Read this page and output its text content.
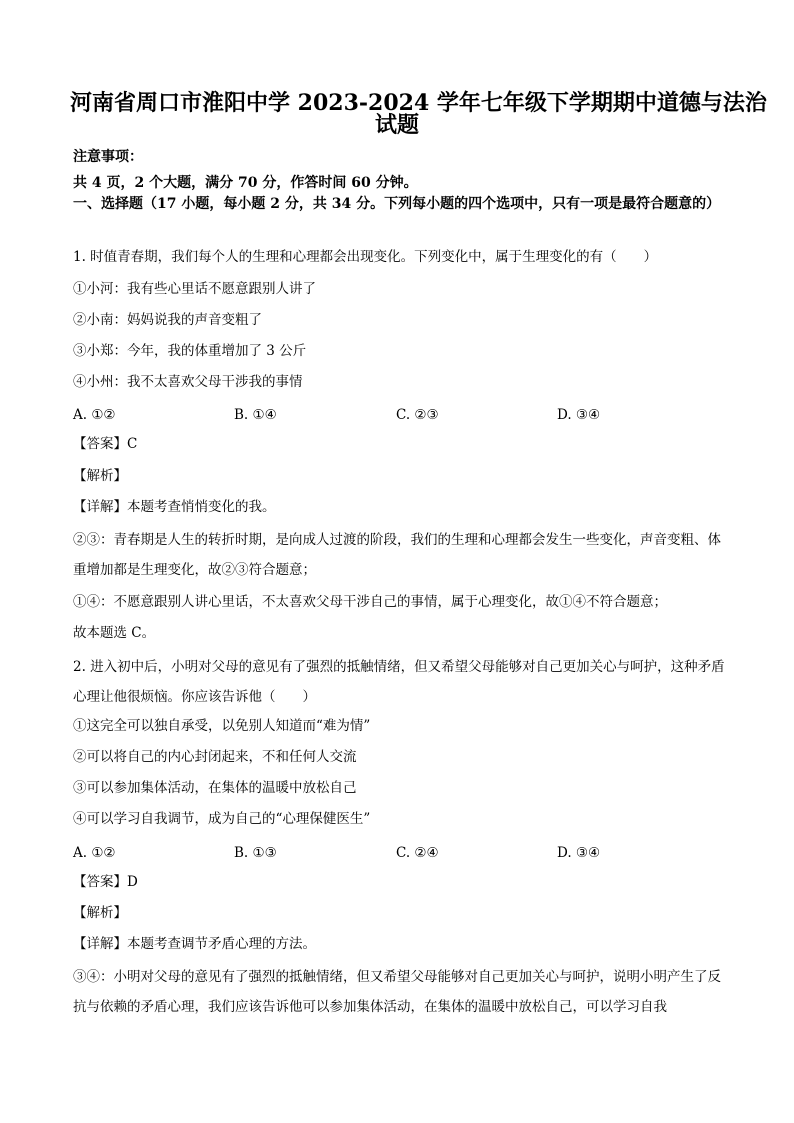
河南省周口市淮阳中学 2023-2024 学年七年级下学期期中道德与法治
试题
注意事项：
共 4 页，2 个大题，满分 70 分，作答时间 60 分钟。
一、选择题（17 小题，每小题 2 分，共 34 分。下列每小题的四个选项中，只有一项是最符合题意的）
1. 时值青春期，我们每个人的生理和心理都会出现变化。下列变化中，属于生理变化的有（　　）
①小河：我有些心里话不愿意跟别人讲了
②小南：妈妈说我的声音变粗了
③小郑：今年，我的体重增加了 3 公斤
④小州：我不太喜欢父母干涉我的事情
A. ①②	B. ①④	C. ②③	D. ③④
【答案】C
【解析】
【详解】本题考查悄悄变化的我。
②③：青春期是人生的转折时期，是向成人过渡的阶段，我们的生理和心理都会发生一些变化，声音变粗、体重增加都是生理变化，故②③符合题意；
①④：不愿意跟别人讲心里话，不太喜欢父母干涉自己的事情，属于心理变化，故①④不符合题意；
故本题选 C。
2. 进入初中后，小明对父母的意见有了强烈的抵触情绪，但又希望父母能够对自己更加关心与呵护，这种矛盾心理让他很烦恼。你应该告诉他（　　）
①这完全可以独自承受，以免别人知道而“难为情”
②可以将自己的内心封闭起来，不和任何人交流
③可以参加集体活动，在集体的温暖中放松自己
④可以学习自我调节，成为自己的“心理保健医生”
A. ①②	B. ①③	C. ②④	D. ③④
【答案】D
【解析】
【详解】本题考查调节矛盾心理的方法。
③④：小明对父母的意见有了强烈的抵触情绪，但又希望父母能够对自己更加关心与呵护，说明小明产生了反抗与依赖的矛盾心理，我们应该告诉他可以参加集体活动，在集体的温暖中放松自己，可以学习自我
